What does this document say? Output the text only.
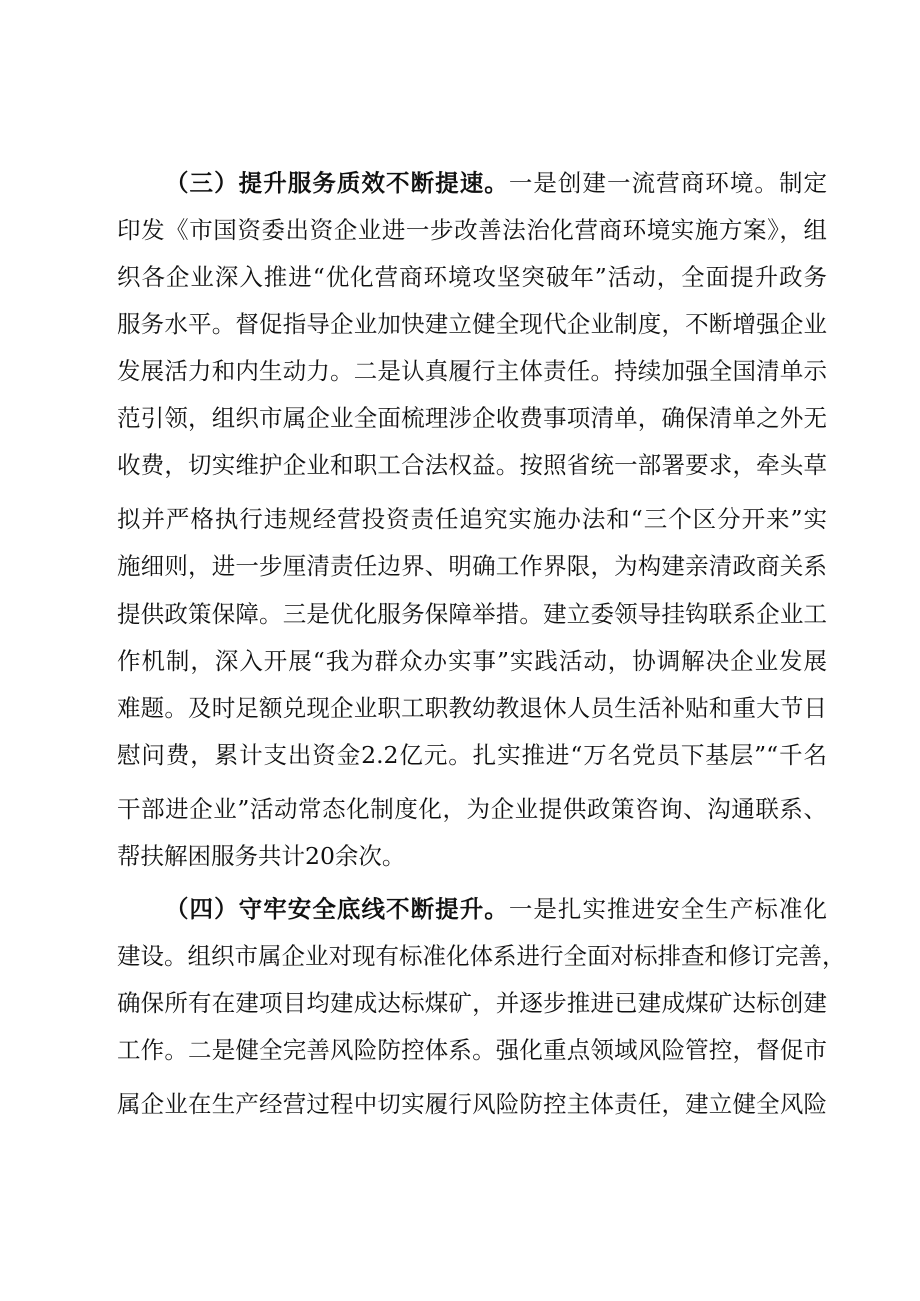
（三）提升服务质效不断提速。一是创建一流营商环境。制定
印发《市国资委出资企业进一步改善法治化营商环境实施方案》，组
织各企业深入推进“优化营商环境攻坚突破年”活动，全面提升政务
服务水平。督促指导企业加快建立健全现代企业制度，不断增强企业
发展活力和内生动力。二是认真履行主体责任。持续加强全国清单示
范引领，组织市属企业全面梳理涉企收费事项清单，确保清单之外无
收费，切实维护企业和职工合法权益。按照省统一部署要求，牵头草
拟并严格执行违规经营投资责任追究实施办法和“三个区分开来”实
施细则，进一步厘清责任边界、明确工作界限，为构建亲清政商关系
提供政策保障。三是优化服务保障举措。建立委领导挂钩联系企业工
作机制，深入开展“我为群众办实事”实践活动，协调解决企业发展
难题。及时足额兑现企业职工职教幼教退休人员生活补贴和重大节日
慰问费，累计支出资金2.2亿元。扎实推进“万名党员下基层”“千名
干部进企业”活动常态化制度化，为企业提供政策咨询、沟通联系、
帮扶解困服务共计20余次。
（四）守牢安全底线不断提升。一是扎实推进安全生产标准化
建设。组织市属企业对现有标准化体系进行全面对标排查和修订完善，
确保所有在建项目均建成达标煤矿，并逐步推进已建成煤矿达标创建
工作。二是健全完善风险防控体系。强化重点领域风险管控，督促市
属企业在生产经营过程中切实履行风险防控主体责任，建立健全风险
